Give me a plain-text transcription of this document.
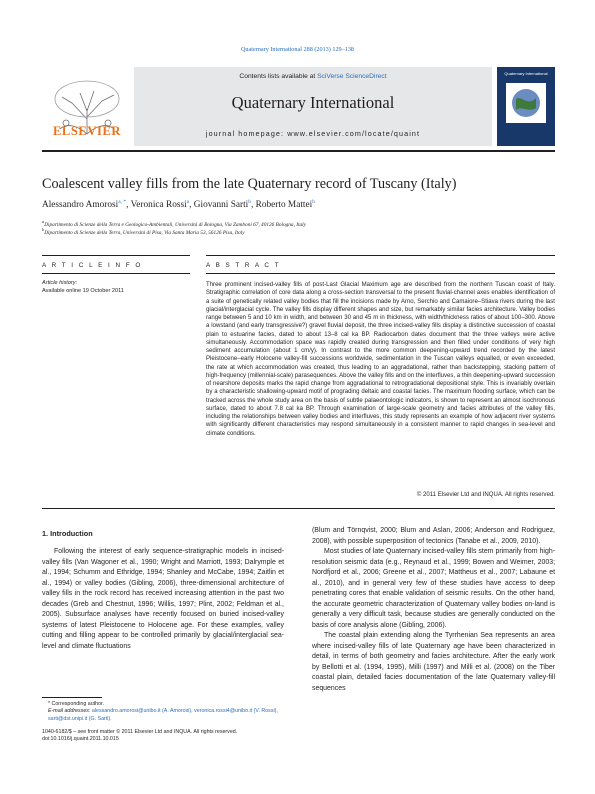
Quaternary International 288 (2013) 129–138
ELSEVIER
Contents lists available at SciVerse ScienceDirect
Quaternary International
journal homepage: www.elsevier.com/locate/quaint
Quaternary International
Coalescent valley fills from the late Quaternary record of Tuscany (Italy)
Alessandro Amorosi$^{a, *}$, Veronica Rossi$^a$, Giovanni Sarti$^b$, Roberto Mattei$^b$
$^a$Dipartimento di Scienze della Terra e Geologico-Ambientali, Università di Bologna, Via Zamboni 67, 40126 Bologna, Italy
$^b$Dipartimento di Scienze della Terra, Università di Pisa, Via Santa Maria 53, 56126 Pisa, Italy
A R T I C L E I N F O
Article history:
Available online 19 October 2011
A B S T R A C T
Three prominent incised-valley fills of post-Last Glacial Maximum age are described from the northern Tuscan coast of Italy. Stratigraphic correlation of core data along a cross-section transversal to the present fluvial-channel axes enables identification of a suite of genetically related valley bodies that fill the incisions made by Arno, Serchio and Camaiore–Stiava rivers during the last glacial/interglacial cycle. The valley fills display different shapes and size, but remarkably similar facies architecture. Valley bodies range between 5 and 10 km in width, and between 30 and 45 m in thickness, with width/thickness ratios of about 100–300. Above a lowstand (and early transgressive?) gravel fluvial deposit, the three incised-valley fills display a distinctive succession of coastal plain to estuarine facies, dated to about 13–8 cal ka BP. Radiocarbon dates document that the three valleys were active simultaneously. Accommodation space was rapidly created during transgression and then filled under conditions of very high sediment accumulation (about 1 cm/y). In contrast to the more common deepening-upward trend recorded by the latest Pleistocene–early Holocene valley-fill successions worldwide, sedimentation in the Tuscan valleys equalled, or even exceeded, the rate at which accommodation was created, thus leading to an aggradational, rather than backstepping, stacking pattern of high-frequency (millennial-scale) parasequences. Above the valley fills and on the interfluves, a thin deepening-upward succession of nearshore deposits marks the rapid change from aggradational to retrogradational depositional style. This is invariably overlain by a characteristic shallowing-upward motif of prograding deltaic and coastal facies. The maximum flooding surface, which can be tracked across the whole study area on the basis of subtle palaeontologic indicators, is shown to represent an almost isochronous surface, dated to about 7.8 cal ka BP. Through examination of large-scale geometry and facies attributes of the valley fills, including the relationships between valley bodies and interfluves, this study represents an example of how adjacent river systems with significantly different characteristics may respond simultaneously in a consistent manner to rapid changes in sea-level and climate conditions.
© 2011 Elsevier Ltd and INQUA. All rights reserved.
1. Introduction

Following the interest of early sequence-stratigraphic models in incised-valley fills (Van Wagoner et al., 1990; Wright and Marriott, 1993; Dalrymple et al., 1994; Schumm and Ethridge, 1994; Shanley and McCabe, 1994; Zaitlin et al., 1994) or valley bodies (Gibling, 2006), three-dimensional architecture of valley fills in the rock record has received increasing attention in the past two decades (Greb and Chestnut, 1996; Willis, 1997; Plint, 2002; Feldman et al., 2005). Subsurface analyses have recently focused on buried incised-valley systems of latest Pleistocene to Holocene age. For these examples, valley cutting and filling appear to be controlled primarily by glacial/interglacial sea-level and climate fluctuations

(Blum and Törnqvist, 2000; Blum and Aslan, 2006; Anderson and Rodriguez, 2008), with possible superposition of tectonics (Tanabe et al., 2009, 2010).

Most studies of late Quaternary incised-valley fills stem primarily from high-resolution seismic data (e.g., Reynaud et al., 1999; Bowen and Weimer, 2003; Nordfjord et al., 2006; Greene et al., 2007; Mattheus et al., 2007; Labaune et al., 2010), and in general very few of these studies have access to deep penetrating cores that enable validation of seismic results. On the other hand, the accurate geometric characterization of Quaternary valley bodies on-land is generally a very difficult task, because studies are generally conducted on the basis of core analysis alone (Gibling, 2006).

The coastal plain extending along the Tyrrhenian Sea represents an area where incised-valley fills of late Quaternary age have been characterized in detail, in terms of both geometry and facies architecture. After the early work by Bellotti et al. (1994, 1995), Milli (1997) and Milli et al. (2008) on the Tiber coastal plain, detailed facies documentation of the late Quaternary valley-fill sequences

* Corresponding author.
E-mail addresses: alessandro.amorosi@unibo.it (A. Amorosi), veronica.rossi4@unibo.it (V. Rossi), sarti@dst.unipi.it (G. Sarti).
1040-6182/$ – see front matter © 2011 Elsevier Ltd and INQUA. All rights reserved.
doi:10.1016/j.quaint.2011.10.015
